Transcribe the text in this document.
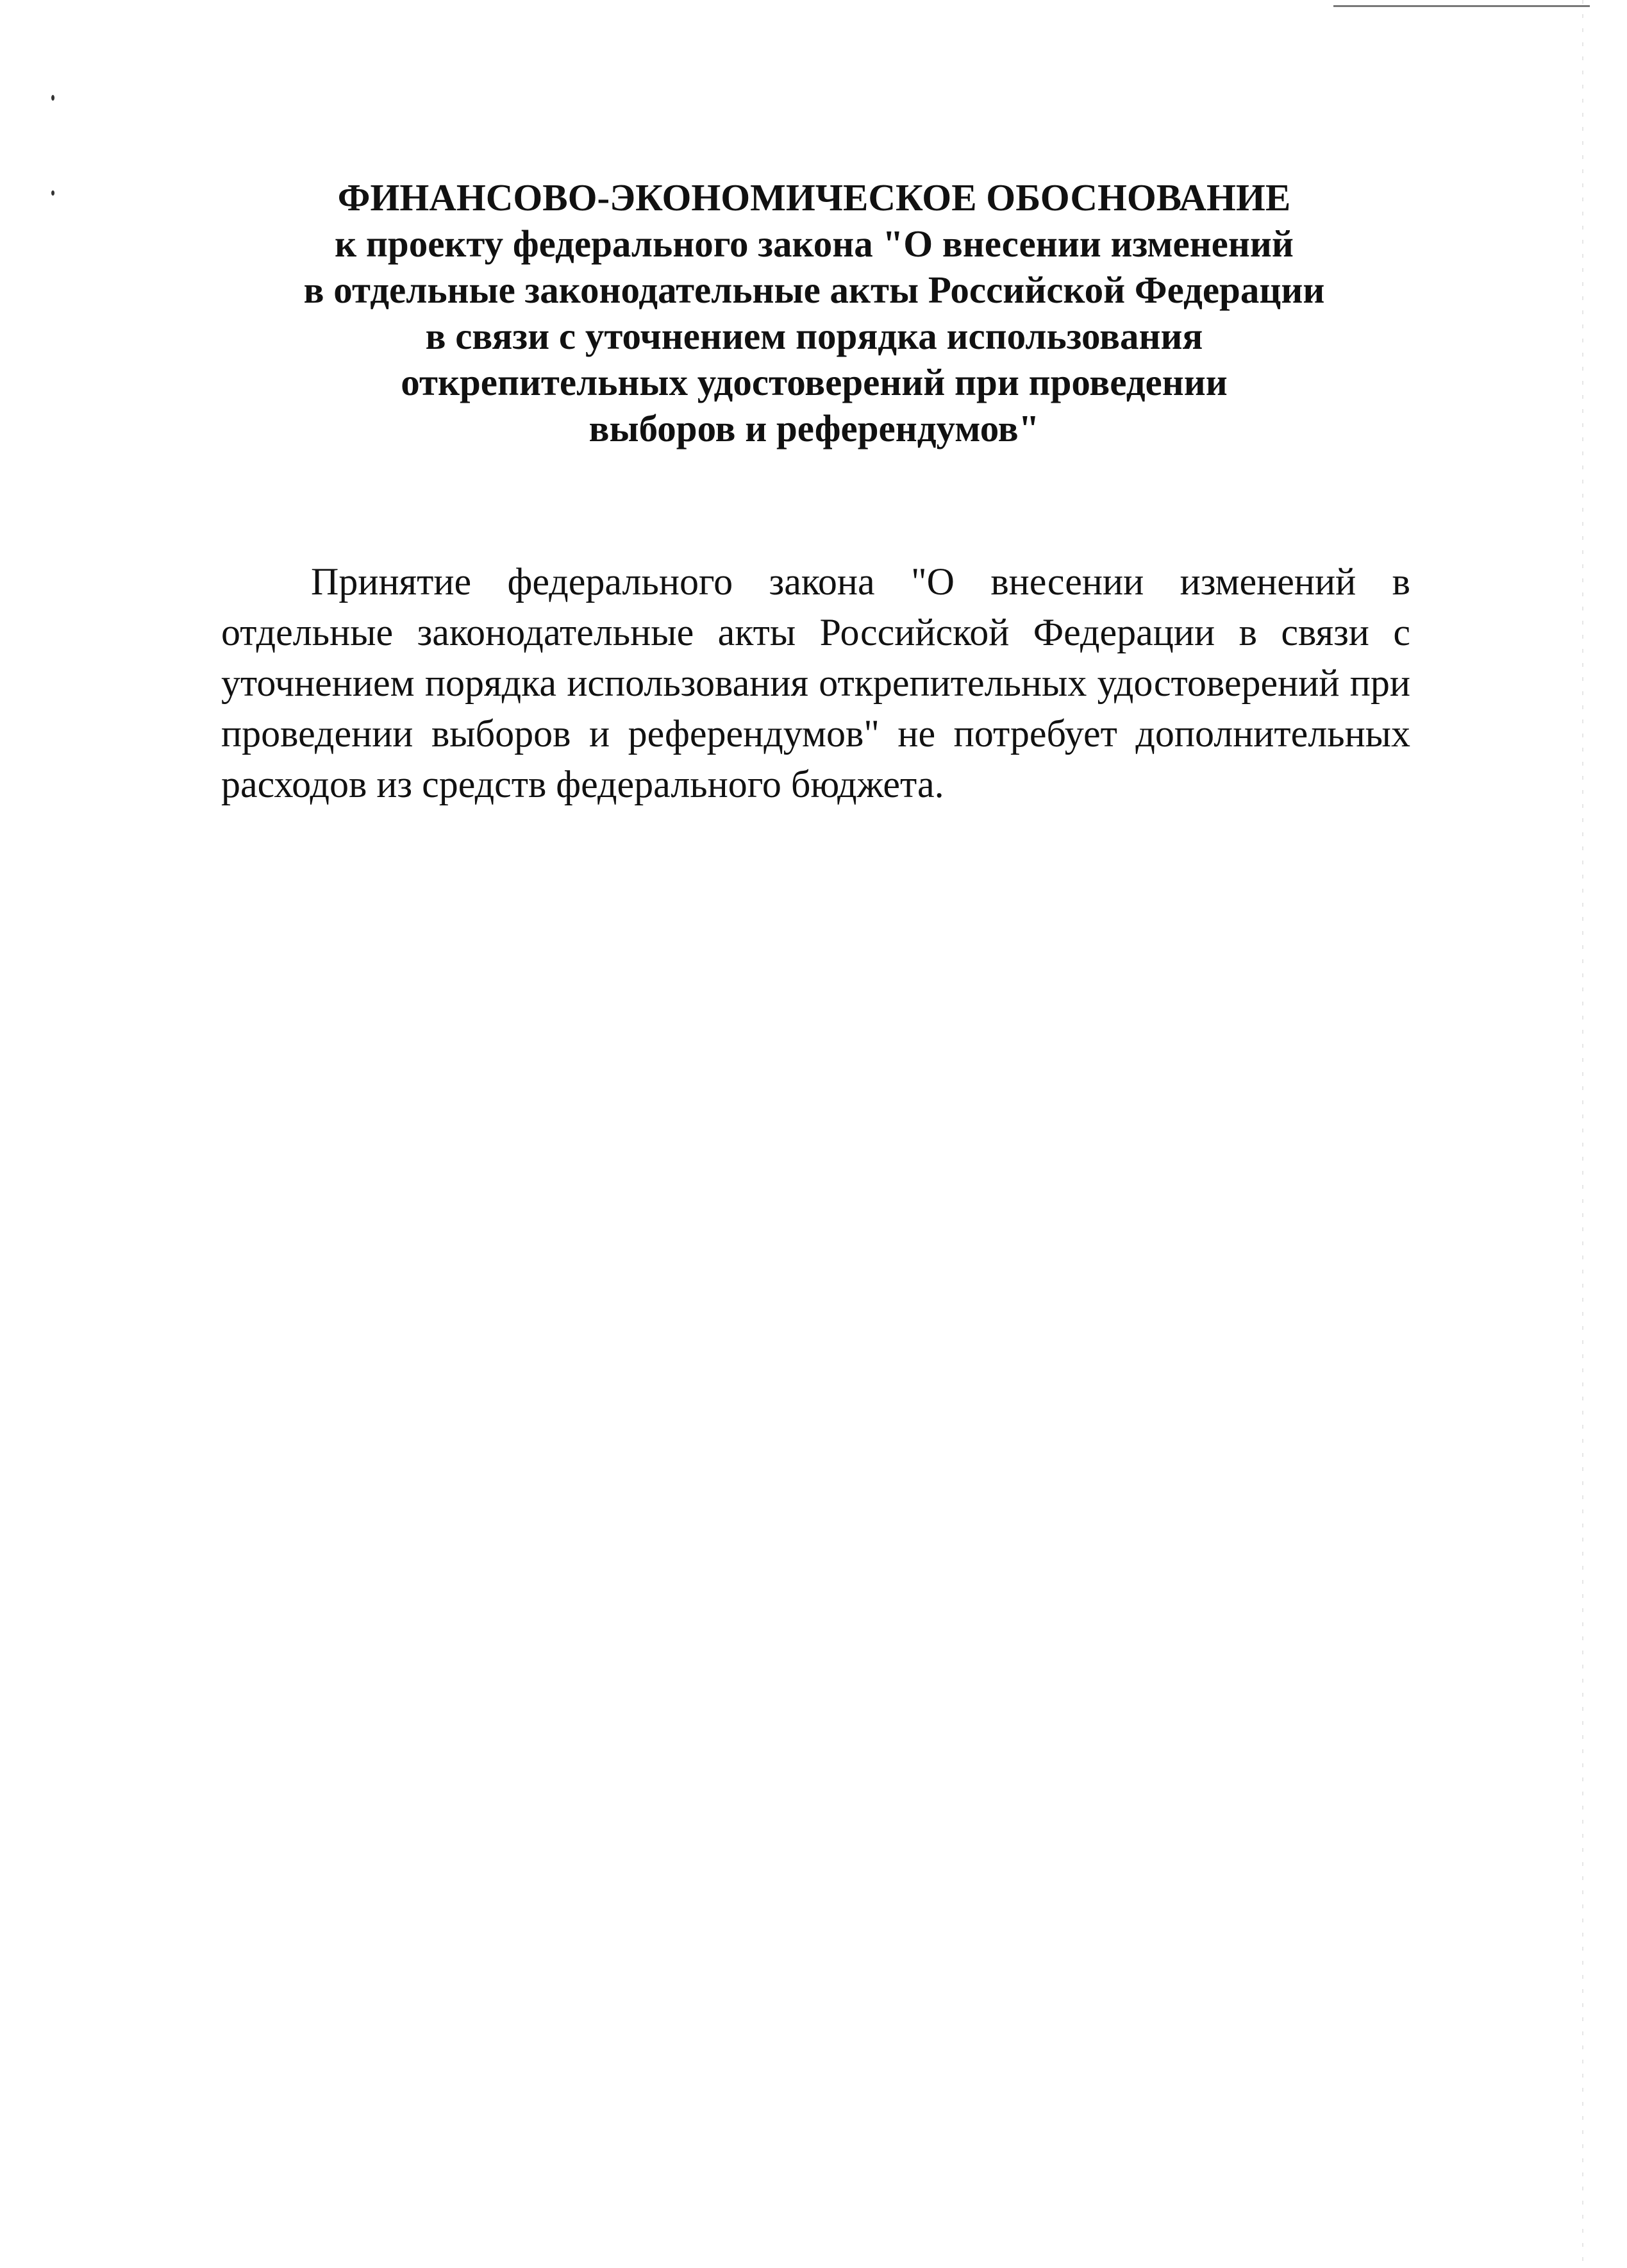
ФИНАНСОВО-ЭКОНОМИЧЕСКОЕ ОБОСНОВАНИЕ
к проекту федерального закона "О внесении изменений
в отдельные законодательные акты Российской Федерации
в связи с уточнением порядка использования
открепительных удостоверений при проведении
выборов и референдумов"

Принятие федерального закона "О внесении изменений в отдельные законодательные акты Российской Федерации в связи с уточнением порядка использования открепительных удостоверений при проведении выборов и референдумов" не потребует дополнительных расходов из средств федерального бюджета.
